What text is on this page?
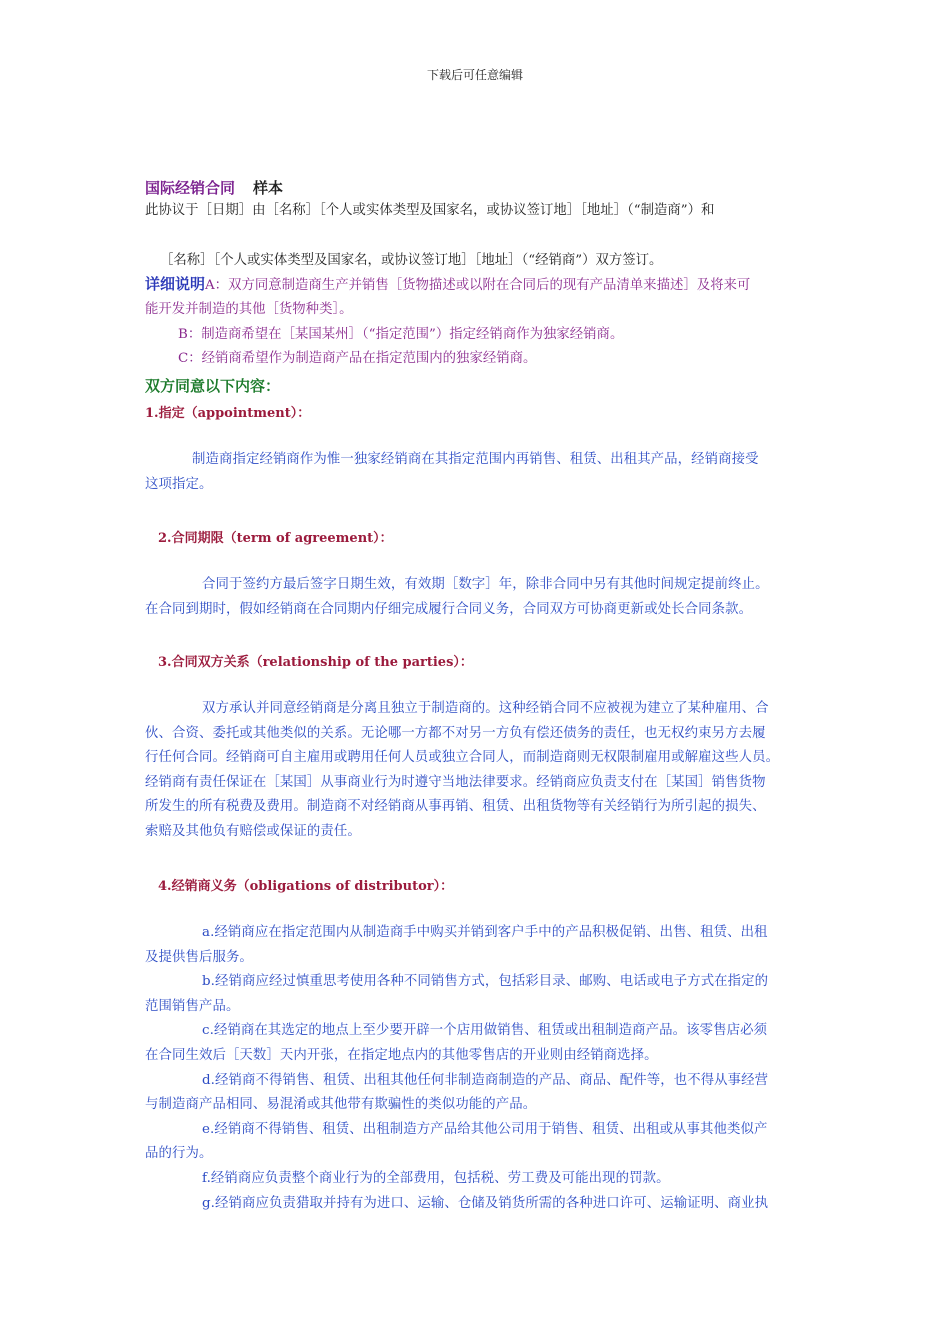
下载后可任意编辑
国际经销合同 样本
此协议于［日期］由［名称］［个人或实体类型及国家名，或协议签订地］［地址］（“制造商”）和
［名称］［个人或实体类型及国家名，或协议签订地］［地址］（“经销商”）双方签订。
详细说明A：双方同意制造商生产并销售［货物描述或以附在合同后的现有产品清单来描述］及将来可
能开发并制造的其他［货物种类］。
B：制造商希望在［某国某州］（“指定范围”）指定经销商作为独家经销商。
C：经销商希望作为制造商产品在指定范围内的独家经销商。
双方同意以下内容：
1.指定（appointment）：
制造商指定经销商作为惟一独家经销商在其指定范围内再销售、租赁、出租其产品，经销商接受
这项指定。
2.合同期限（term of agreement）：
合同于签约方最后签字日期生效，有效期［数字］年，除非合同中另有其他时间规定提前终止。
在合同到期时，假如经销商在合同期内仔细完成履行合同义务，合同双方可协商更新或处长合同条款。
3.合同双方关系（relationship of the parties）：
双方承认并同意经销商是分离且独立于制造商的。这种经销合同不应被视为建立了某种雇用、合
伙、合资、委托或其他类似的关系。无论哪一方都不对另一方负有偿还债务的责任，也无权约束另方去履
行任何合同。经销商可自主雇用或聘用任何人员或独立合同人，而制造商则无权限制雇用或解雇这些人员。
经销商有责任保证在［某国］从事商业行为时遵守当地法律要求。经销商应负责支付在［某国］销售货物
所发生的所有税费及费用。制造商不对经销商从事再销、租赁、出租货物等有关经销行为所引起的损失、
索赔及其他负有赔偿或保证的责任。
4.经销商义务（obligations of distributor）：
a.经销商应在指定范围内从制造商手中购买并销到客户手中的产品积极促销、出售、租赁、出租
及提供售后服务。
b.经销商应经过慎重思考使用各种不同销售方式，包括彩目录、邮购、电话或电子方式在指定的
范围销售产品。
c.经销商在其选定的地点上至少要开辟一个店用做销售、租赁或出租制造商产品。该零售店必须
在合同生效后［天数］天内开张，在指定地点内的其他零售店的开业则由经销商选择。
d.经销商不得销售、租赁、出租其他任何非制造商制造的产品、商品、配件等，也不得从事经营
与制造商产品相同、易混淆或其他带有欺骗性的类似功能的产品。
e.经销商不得销售、租赁、出租制造方产品给其他公司用于销售、租赁、出租或从事其他类似产
品的行为。
f.经销商应负责整个商业行为的全部费用，包括税、劳工费及可能出现的罚款。
g.经销商应负责猎取并持有为进口、运输、仓储及销货所需的各种进口许可、运输证明、商业执
